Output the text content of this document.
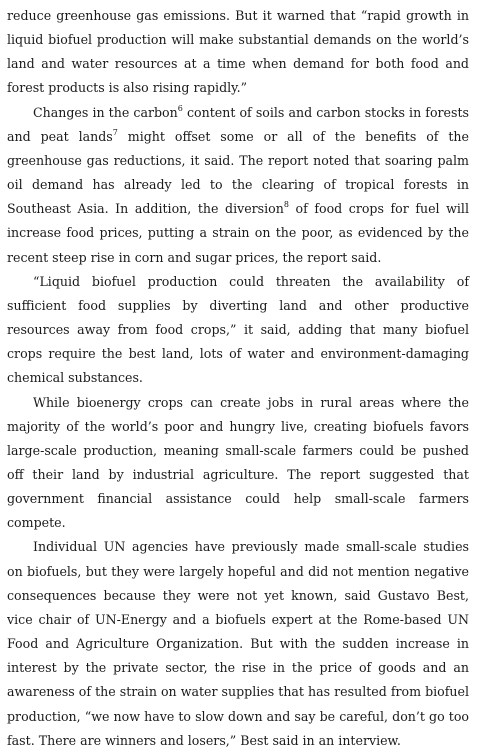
reduce greenhouse gas emissions. But it warned that “rapid growth in liquid biofuel production will make substantial demands on the world’s land and water resources at a time when demand for both food and forest products is also rising rapidly.”

Changes in the carbon$^6$ content of soils and carbon stocks in forests and peat lands$^7$ might offset some or all of the benefits of the greenhouse gas reductions, it said. The report noted that soaring palm oil demand has already led to the clearing of tropical forests in Southeast Asia. In addition, the diversion$^8$ of food crops for fuel will increase food prices, putting a strain on the poor, as evidenced by the recent steep rise in corn and sugar prices, the report said.

“Liquid biofuel production could threaten the availability of sufficient food supplies by diverting land and other productive resources away from food crops,” it said, adding that many biofuel crops require the best land, lots of water and environment-damaging chemical substances.

While bioenergy crops can create jobs in rural areas where the majority of the world’s poor and hungry live, creating biofuels favors large-scale production, meaning small-scale farmers could be pushed off their land by industrial agriculture. The report suggested that government financial assistance could help small-scale farmers compete.

Individual UN agencies have previously made small-scale studies on biofuels, but they were largely hopeful and did not mention negative consequences because they were not yet known, said Gustavo Best, vice chair of UN-Energy and a biofuels expert at the Rome-based UN Food and Agriculture Organization. But with the sudden increase in interest by the private sector, the rise in the price of goods and an awareness of the strain on water supplies that has resulted from biofuel production, “we now have to slow down and say be careful, don’t go too fast. There are winners and losers,” Best said in an interview.
